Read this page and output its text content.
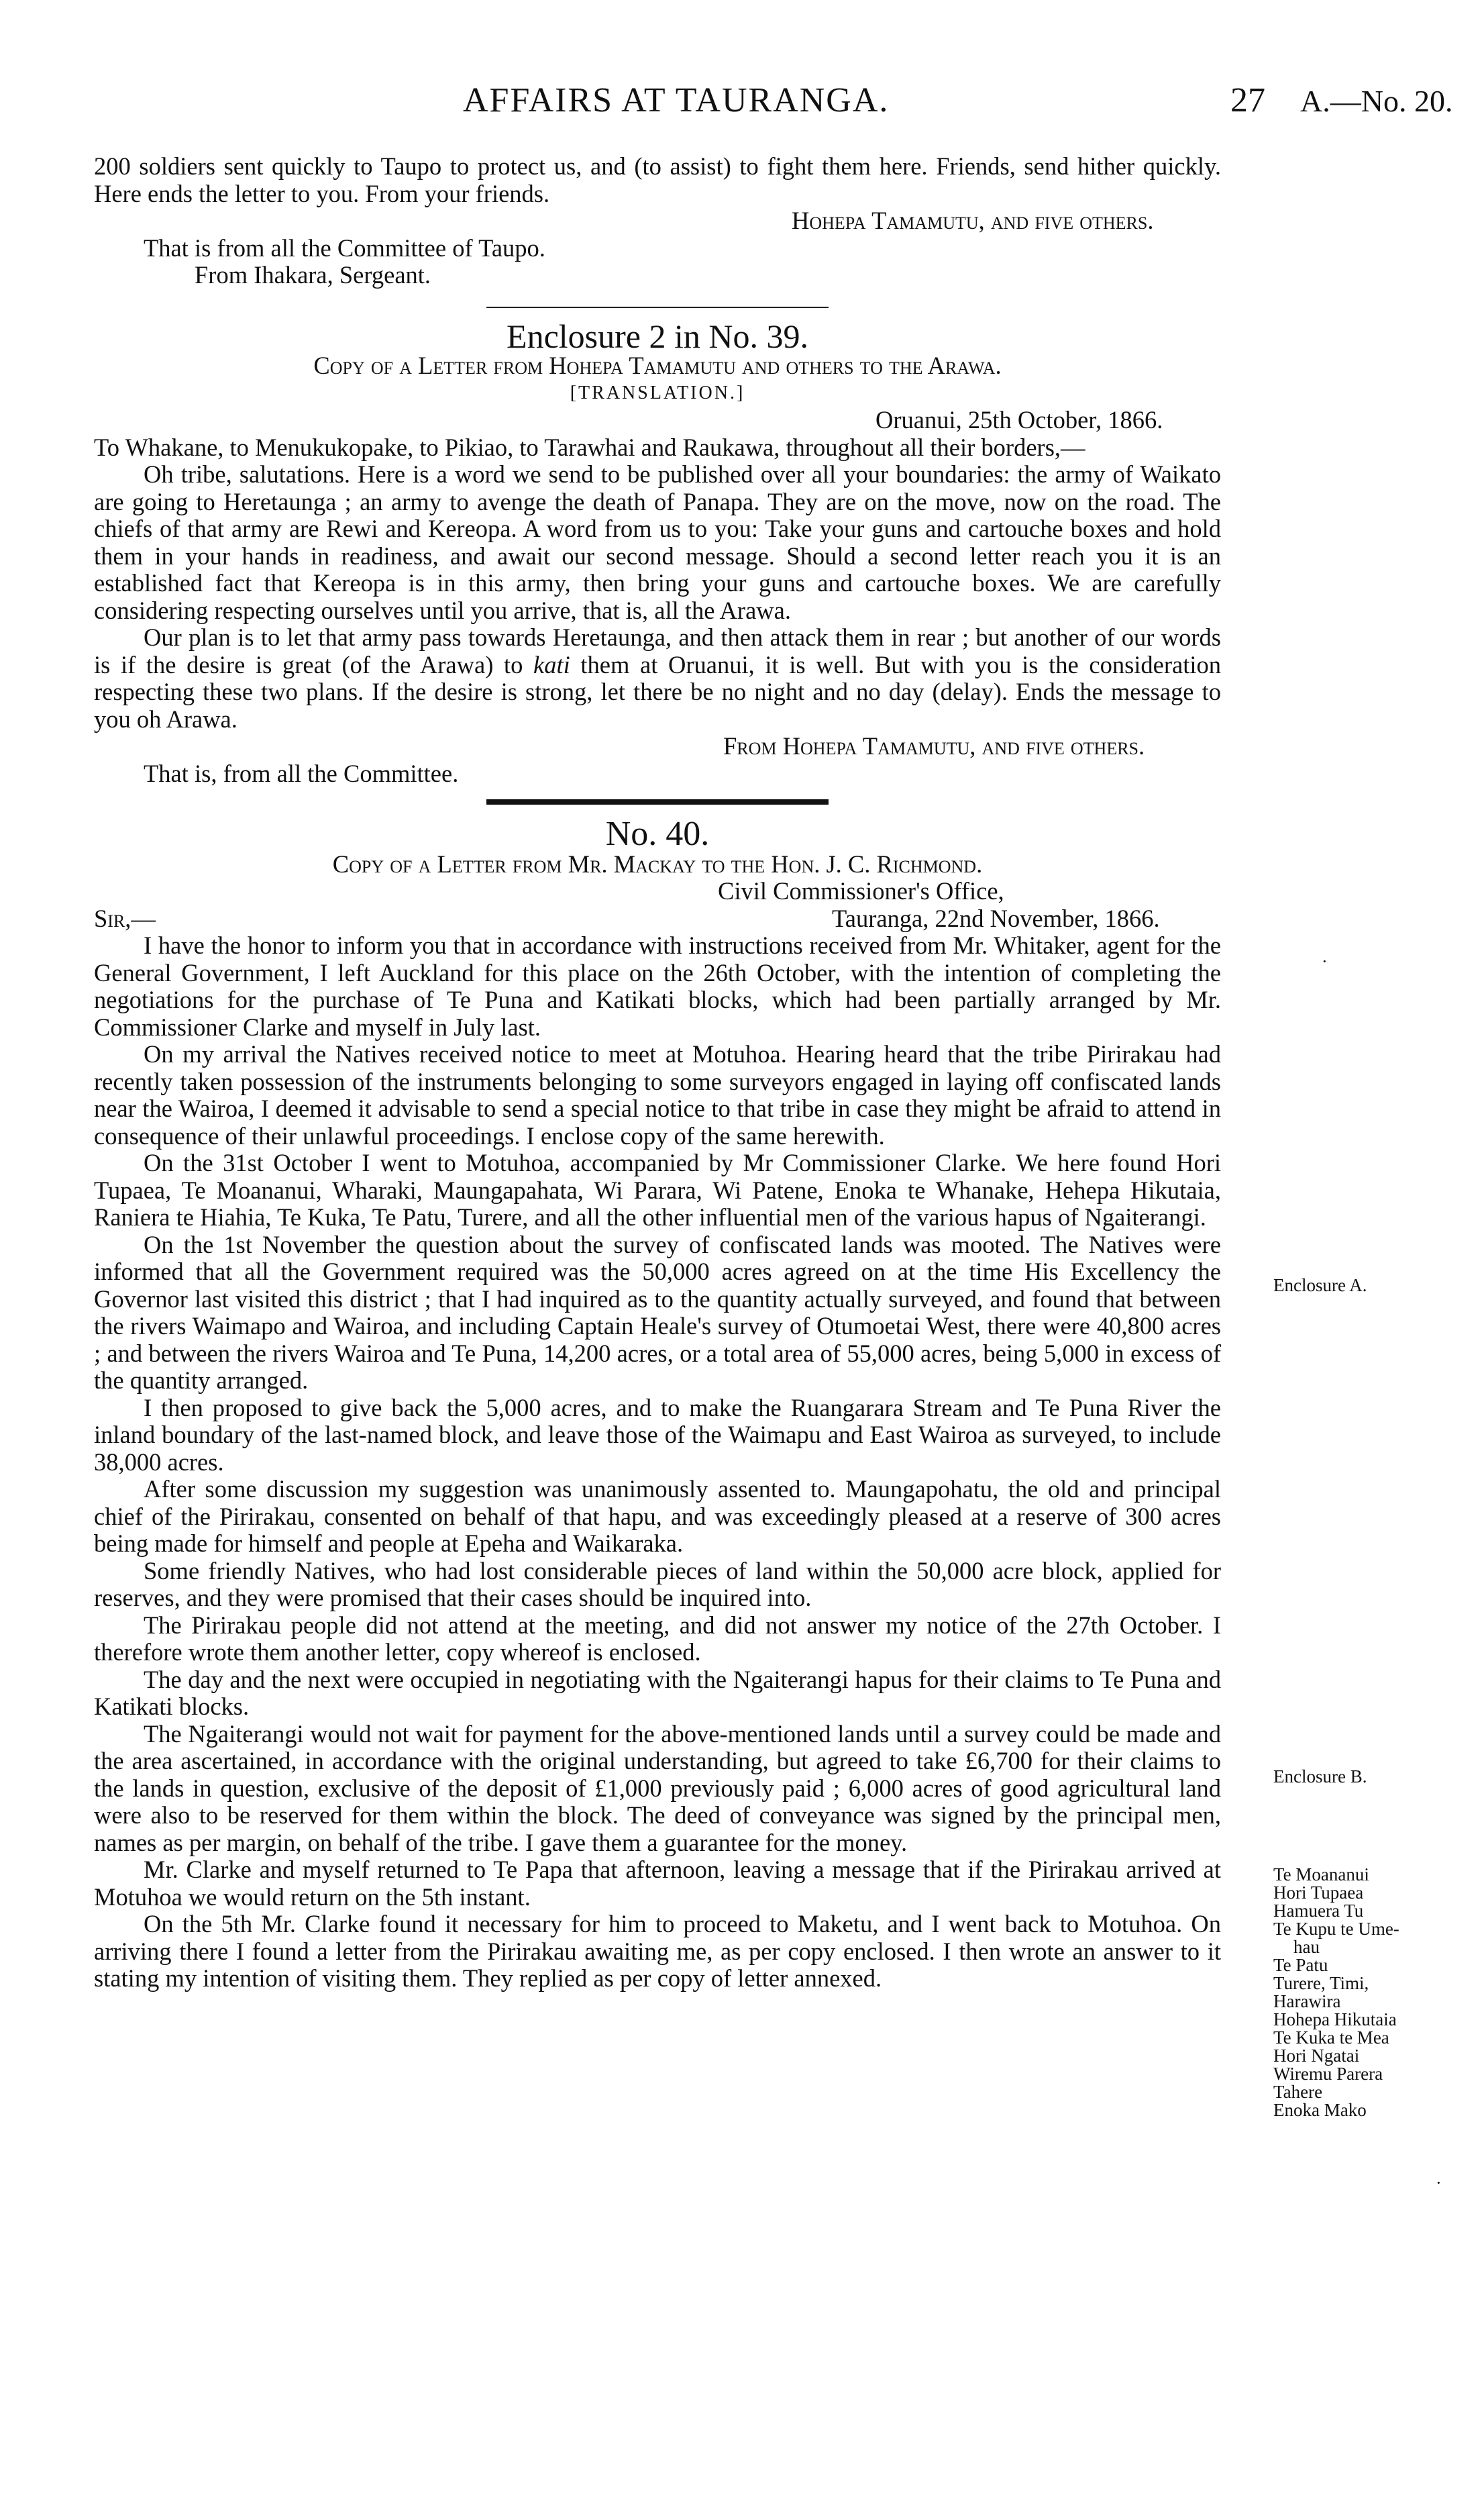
AFFAIRS AT TAURANGA.	27 A.—No. 20.

200 soldiers sent quickly to Taupo to protect us, and (to assist) to fight them here. Friends, send hither quickly. Here ends the letter to you. From your friends.

Hohepa Tamamutu, and five others.

That is from all the Committee of Taupo.

From Ihakara, Sergeant.

Enclosure 2 in No. 39.

Copy of a Letter from Hohepa Tamamutu and others to the Arawa.

[TRANSLATION.]

Oruanui, 25th October, 1866.

To Whakane, to Menukukopake, to Pikiao, to Tarawhai and Raukawa, throughout all their borders,—

Oh tribe, salutations. Here is a word we send to be published over all your boundaries: the army of Waikato are going to Heretaunga ; an army to avenge the death of Panapa. They are on the move, now on the road. The chiefs of that army are Rewi and Kereopa. A word from us to you: Take your guns and cartouche boxes and hold them in your hands in readiness, and await our second message. Should a second letter reach you it is an established fact that Kereopa is in this army, then bring your guns and cartouche boxes. We are carefully considering respecting ourselves until you arrive, that is, all the Arawa.

Our plan is to let that army pass towards Heretaunga, and then attack them in rear ; but another of our words is if the desire is great (of the Arawa) to kati them at Oruanui, it is well. But with you is the consideration respecting these two plans. If the desire is strong, let there be no night and no day (delay). Ends the message to you oh Arawa.

From Hohepa Tamamutu, and five others.

That is, from all the Committee.

No. 40.

Copy of a Letter from Mr. Mackay to the Hon. J. C. Richmond.

Civil Commissioner's Office,

Sir,—	Tauranga, 22nd November, 1866.

I have the honor to inform you that in accordance with instructions received from Mr. Whitaker, agent for the General Government, I left Auckland for this place on the 26th October, with the intention of completing the negotiations for the purchase of Te Puna and Katikati blocks, which had been partially arranged by Mr. Commissioner Clarke and myself in July last.

On my arrival the Natives received notice to meet at Motuhoa. Hearing heard that the tribe Pirirakau had recently taken possession of the instruments belonging to some surveyors engaged in laying off confiscated lands near the Wairoa, I deemed it advisable to send a special notice to that tribe in case they might be afraid to attend in consequence of their unlawful proceedings. I enclose copy of the same herewith.

On the 31st October I went to Motuhoa, accompanied by Mr Commissioner Clarke. We here found Hori Tupaea, Te Moananui, Wharaki, Maungapahata, Wi Parara, Wi Patene, Enoka te Whanake, Hehepa Hikutaia, Raniera te Hiahia, Te Kuka, Te Patu, Turere, and all the other influential men of the various hapus of Ngaiterangi.

On the 1st November the question about the survey of confiscated lands was mooted. The Natives were informed that all the Government required was the 50,000 acres agreed on at the time His Excellency the Governor last visited this district ; that I had inquired as to the quantity actually surveyed, and found that between the rivers Waimapo and Wairoa, and including Captain Heale's survey of Otumoetai West, there were 40,800 acres ; and between the rivers Wairoa and Te Puna, 14,200 acres, or a total area of 55,000 acres, being 5,000 in excess of the quantity arranged.

I then proposed to give back the 5,000 acres, and to make the Ruangarara Stream and Te Puna River the inland boundary of the last-named block, and leave those of the Waimapu and East Wairoa as surveyed, to include 38,000 acres.

After some discussion my suggestion was unanimously assented to. Maungapohatu, the old and principal chief of the Pirirakau, consented on behalf of that hapu, and was exceedingly pleased at a reserve of 300 acres being made for himself and people at Epeha and Waikaraka.

Some friendly Natives, who had lost considerable pieces of land within the 50,000 acre block, applied for reserves, and they were promised that their cases should be inquired into.

The Pirirakau people did not attend at the meeting, and did not answer my notice of the 27th October. I therefore wrote them another letter, copy whereof is enclosed.

The day and the next were occupied in negotiating with the Ngaiterangi hapus for their claims to Te Puna and Katikati blocks.

The Ngaiterangi would not wait for payment for the above-mentioned lands until a survey could be made and the area ascertained, in accordance with the original understanding, but agreed to take £6,700 for their claims to the lands in question, exclusive of the deposit of £1,000 previously paid ; 6,000 acres of good agricultural land were also to be reserved for them within the block. The deed of conveyance was signed by the principal men, names as per margin, on behalf of the tribe. I gave them a guarantee for the money.

Mr. Clarke and myself returned to Te Papa that afternoon, leaving a message that if the Pirirakau arrived at Motuhoa we would return on the 5th instant.

On the 5th Mr. Clarke found it necessary for him to proceed to Maketu, and I went back to Motuhoa. On arriving there I found a letter from the Pirirakau awaiting me, as per copy enclosed. I then wrote an answer to it stating my intention of visiting them. They replied as per copy of letter annexed.

Enclosure A.
Enclosure B.
Te Moananui
Hori Tupaea
Hamuera Tu
Te Kupu te Ume-
hau
Te Patu
Turere, Timi,
Harawira
Hohepa Hikutaia
Te Kuka te Mea
Hori Ngatai
Wiremu Parera
Tahere
Enoka Mako
·
·
